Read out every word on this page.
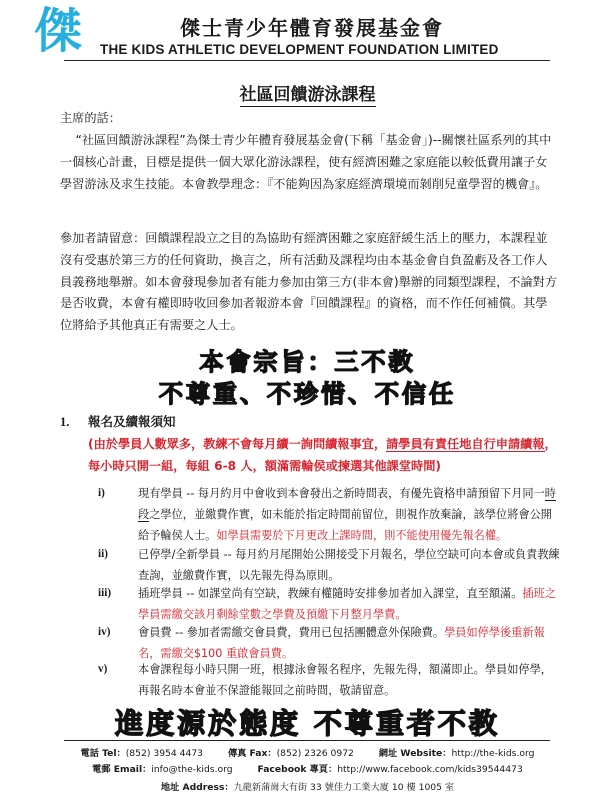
傑	傑士青少年體育發展基金會
THE KIDS ATHLETIC DEVELOPMENT FOUNDATION LIMITED
社區回饋游泳課程
主席的話：
“社區回饋游泳課程”為傑士青少年體育發展基金會(下稱「基金會」)--關懷社區系列的其中一個核心計畫，目標是提供一個大眾化游泳課程，使有經濟困難之家庭能以較低費用讓子女學習游泳及求生技能。本會教學理念：『不能夠因為家庭經濟環境而剝削兒童學習的機會』。
參加者請留意：回饋課程設立之目的為協助有經濟困難之家庭舒緩生活上的壓力，本課程並沒有受惠於第三方的任何資助，換言之，所有活動及課程均由本基金會自負盈虧及各工作人員義務地舉辦。如本會發現參加者有能力參加由第三方(非本會)舉辦的同類型課程，不論對方是否收費，本會有權即時收回參加者報游本會『回饋課程』的資格，而不作任何補償。其學位將給予其他真正有需要之人士。
本會宗旨：三不教
不尊重、不珍惜、不信任
1. 報名及續報須知
(由於學員人數眾多，教練不會每月續一詢問續報事宜，請學員有責任地自行申請續報，每小時只開一組，每組 6-8 人，額滿需輪侯或揀選其他課堂時間)
i)	現有學員 -- 每月約月中會收到本會發出之新時間表，有優先資格申請預留下月同一時段之學位，並繳費作實，如未能於指定時間前留位，則視作放棄論，該學位將會公開給予輪侯人士。如學員需要於下月更改上課時間，則不能使用優先報名權。
ii)	已停學/全新學員 -- 每月約月尾開始公開接受下月報名，學位空缺可向本會或負責教練查詢，並繳費作實，以先報先得為原則。
iii)	插班學員 -- 如課堂尚有空缺，教練有權隨時安排參加者加入課堂，直至額滿。插班之學員需繳交該月剩餘堂數之學費及預繳下月整月學費。
iv)	會員費 -- 參加者需繳交會員費，費用已包括團體意外保險費。學員如停學後重新報名，需繳交$100 重啟會員費。
v)	本會課程每小時只開一班，根據泳會報名程序，先報先得，額滿即止。學員如停學，再報名時本會並不保證能報回之前時間，敬請留意。
進度源於態度 不尊重者不教
電話 Tel：(852) 3954 4473	傳真 Fax：(852) 2326 0972	網址 Website：http://the-kids.org
電郵 Email：info@the-kids.org	Facebook 專頁：http://www.facebook.com/kids39544473
地址 Address：九龍新蒲崗大有街 33 號佳力工業大廈 10 樓 1005 室
